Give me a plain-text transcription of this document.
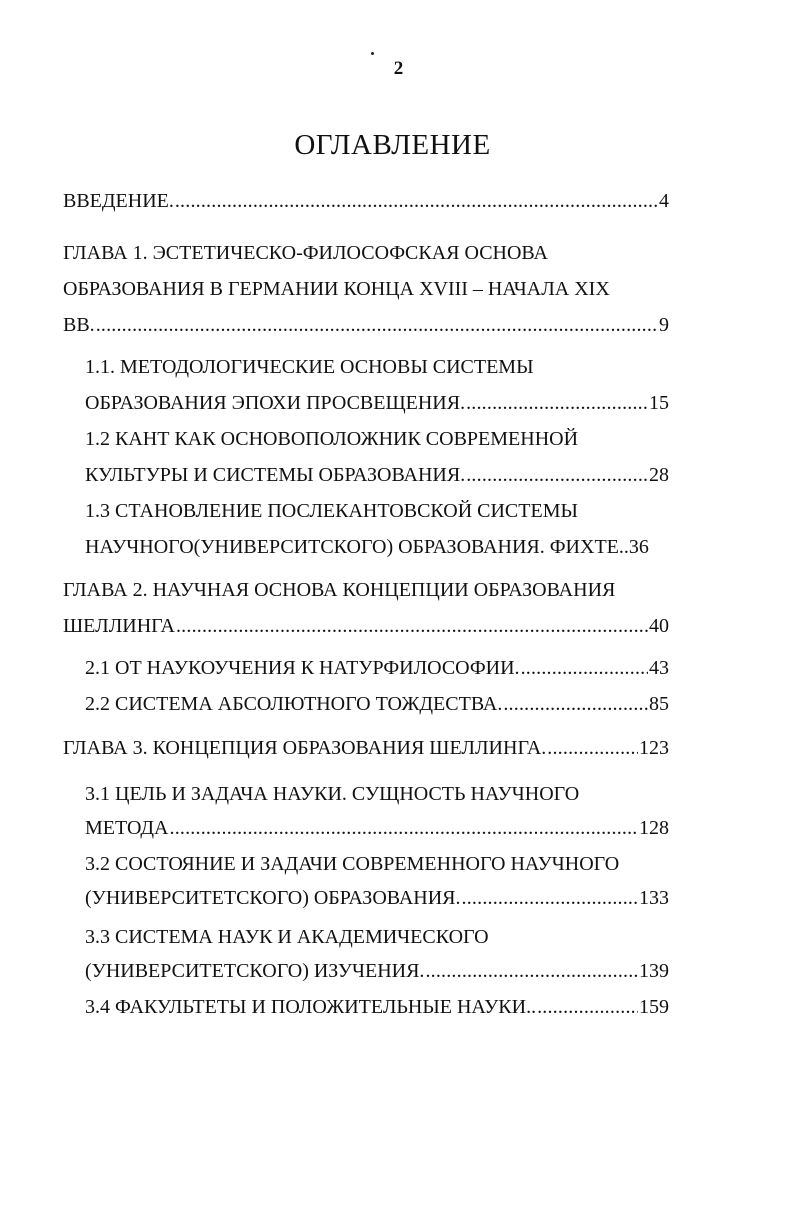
2
ОГЛАВЛЕНИЕ
ВВЕДЕНИЕ. .....	4
ГЛАВА 1. ЭСТЕТИЧЕСКО-ФИЛОСОФСКАЯ ОСНОВА
ОБРАЗОВАНИЯ В ГЕРМАНИИ КОНЦА XVIII – НАЧАЛА XIX
ВВ. .....	9
1.1. МЕТОДОЛОГИЧЕСКИЕ ОСНОВЫ СИСТЕМЫ
ОБРАЗОВАНИЯ ЭПОХИ ПРОСВЕЩЕНИЯ. .....	15
1.2 КАНТ КАК ОСНОВОПОЛОЖНИК СОВРЕМЕННОЙ
КУЛЬТУРЫ И СИСТЕМЫ ОБРАЗОВАНИЯ. .....	28
1.3 СТАНОВЛЕНИЕ ПОСЛЕКАНТОВСКОЙ СИСТЕМЫ
НАУЧНОГО(УНИВЕРСИТСКОГО) ОБРАЗОВАНИЯ. ФИХТЕ.. 36
ГЛАВА 2. НАУЧНАЯ ОСНОВА КОНЦЕПЦИИ ОБРАЗОВАНИЯ
ШЕЛЛИНГА .....	40
2.1 ОТ НАУКОУЧЕНИЯ К НАТУРФИЛОСОФИИ. .....	43
2.2 СИСТЕМА АБСОЛЮТНОГО ТОЖДЕСТВА. .....	85
ГЛАВА 3. КОНЦЕПЦИЯ ОБРАЗОВАНИЯ ШЕЛЛИНГА. .....	123
3.1 ЦЕЛЬ И ЗАДАЧА НАУКИ. СУЩНОСТЬ НАУЧНОГО
МЕТОДА .....	128
3.2 СОСТОЯНИЕ И ЗАДАЧИ СОВРЕМЕННОГО НАУЧНОГО
(УНИВЕРСИТЕТСКОГО) ОБРАЗОВАНИЯ. .....	133
3.3 СИСТЕМА НАУК И АКАДЕМИЧЕСКОГО
(УНИВЕРСИТЕТСКОГО) ИЗУЧЕНИЯ. .....	139
3.4 ФАКУЛЬТЕТЫ И ПОЛОЖИТЕЛЬНЫЕ НАУКИ.. .....	159
